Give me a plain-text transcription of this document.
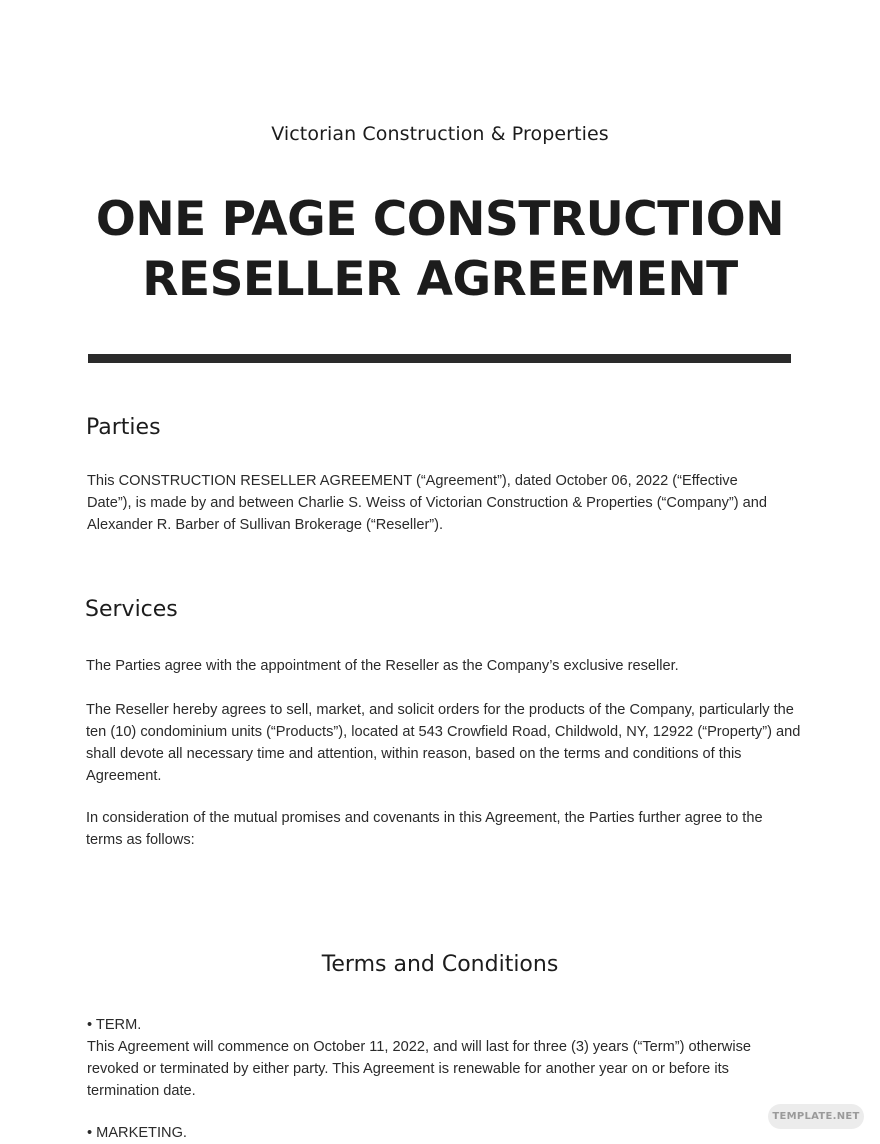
Victorian Construction & Properties
ONE PAGE CONSTRUCTION
RESELLER AGREEMENT
Parties

This CONSTRUCTION RESELLER AGREEMENT (“Agreement”), dated October 06, 2022 (“Effective Date”), is made by and between Charlie S. Weiss of Victorian Construction & Properties (“Company”) and Alexander R. Barber of Sullivan Brokerage (“Reseller”).

Services

The Parties agree with the appointment of the Reseller as the Company’s exclusive reseller.

The Reseller hereby agrees to sell, market, and solicit orders for the products of the Company, particularly the ten (10) condominium units (“Products”), located at 543 Crowfield Road, Childwold, NY, 12922 (“Property”) and shall devote all necessary time and attention, within reason, based on the terms and conditions of this Agreement.

In consideration of the mutual promises and covenants in this Agreement, the Parties further agree to the terms as follows:

Terms and Conditions

• TERM.

This Agreement will commence on October 11, 2022, and will last for three (3) years (“Term”) otherwise revoked or terminated by either party. This Agreement is renewable for another year on or before its termination date.

• MARKETING.

TEMPLATE.NET
